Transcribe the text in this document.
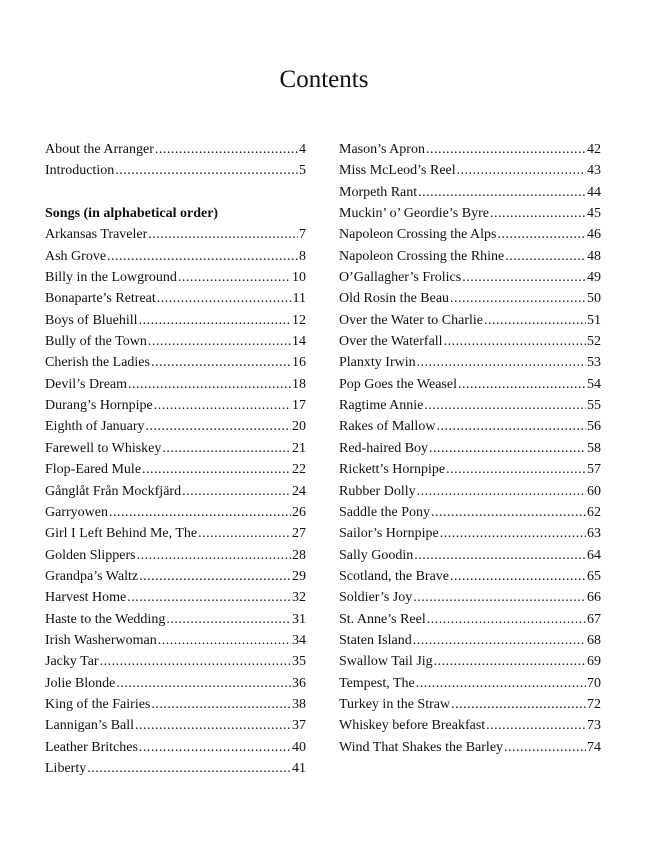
Contents
About the Arranger .....	4
Introduction .....	5
Songs (in alphabetical order)
Arkansas Traveler .....	7
Ash Grove .....	8
Billy in the Lowground .....	10
Bonaparte’s Retreat .....	11
Boys of Bluehill .....	12
Bully of the Town .....	14
Cherish the Ladies .....	16
Devil’s Dream .....	18
Durang’s Hornpipe .....	17
Eighth of January .....	20
Farewell to Whiskey .....	21
Flop-Eared Mule .....	22
Gånglåt Från Mockfjärd .....	24
Garryowen .....	26
Girl I Left Behind Me, The .....	27
Golden Slippers .....	28
Grandpa’s Waltz .....	29
Harvest Home .....	32
Haste to the Wedding .....	31
Irish Washerwoman .....	34
Jacky Tar .....	35
Jolie Blonde .....	36
King of the Fairies .....	38
Lannigan’s Ball .....	37
Leather Britches .....	40
Liberty .....	41
Mason’s Apron .....	42
Miss McLeod’s Reel .....	43
Morpeth Rant .....	44
Muckin’ o’ Geordie’s Byre .....	45
Napoleon Crossing the Alps .....	46
Napoleon Crossing the Rhine .....	48
O’Gallagher’s Frolics .....	49
Old Rosin the Beau .....	50
Over the Water to Charlie .....	51
Over the Waterfall .....	52
Planxty Irwin .....	53
Pop Goes the Weasel .....	54
Ragtime Annie .....	55
Rakes of Mallow .....	56
Red-haired Boy .....	58
Rickett’s Hornpipe .....	57
Rubber Dolly .....	60
Saddle the Pony .....	62
Sailor’s Hornpipe .....	63
Sally Goodin .....	64
Scotland, the Brave .....	65
Soldier’s Joy .....	66
St. Anne’s Reel .....	67
Staten Island .....	68
Swallow Tail Jig .....	69
Tempest, The .....	70
Turkey in the Straw .....	72
Whiskey before Breakfast .....	73
Wind That Shakes the Barley .....	74
